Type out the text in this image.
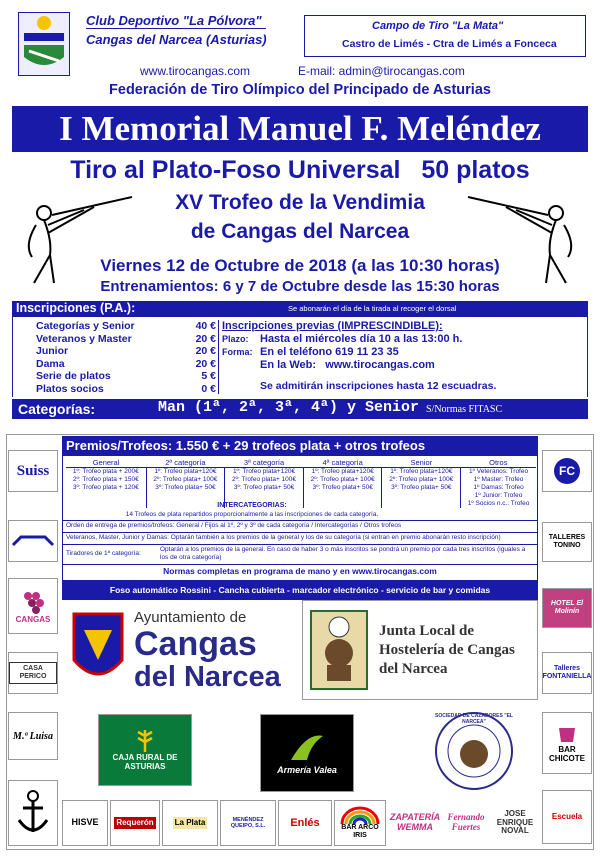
Club Deportivo "La Pólvora"
Cangas del Narcea (Asturias)
Campo de Tiro "La Mata"
Castro de Limés - Ctra de Limés a Fonceca
www.tirocangas.com	E-mail: admin@tirocangas.com
Federación de Tiro Olímpico del Principado de Asturias
I Memorial Manuel F. Meléndez
Tiro al Plato-Foso Universal 50 platos
XV Trofeo de la Vendimia
de Cangas del Narcea
Viernes 12 de Octubre de 2018 (a las 10:30 horas)
Entrenamientos: 6 y 7 de Octubre desde las 15:30 horas
Inscripciones (P.A.):	Se abonarán el día de la tirada al recoger el dorsal
Categorías y Senior	40 €
Veteranos y Master	20 €
Junior	20 €
Dama	20 €
Serie de platos	5 €
Platos socios	0 €
Inscripciones previas (IMPRESCINDIBLE):
Plazo: Hasta el miércoles día 10 a las 13:00 h.
Forma: En el teléfono 619 11 23 35
En la Web:   www.tirocangas.com
Se admitirán inscripciones hasta 12 escuadras.
Categorías:	Man (1ª, 2ª, 3ª, 4ª) y Senior S/Normas FITASC
Premios/Trofeos: 1.550 € + 29 trofeos plata + otros trofeos
General	2ª categoría	3ª categoría	4ª categoría	Senior	Otros
1º: Trofeo plata + 200€	1º: Trofeo plata+120€	1º: Trofeo plata+120€	1º: Trofeo plata+120€	1º: Trofeo plata+120€	1º Veteranos: Trofeo
2º: Trofeo plata + 150€	2º: Trofeo plata+ 100€	2º: Trofeo plata+ 100€	2º: Trofeo plata+ 100€	2º: Trofeo plata+ 100€	1º Master: Trofeo
3º: Trofeo plata + 120€	3º: Trofeo plata+ 50€	3º: Trofeo plata+ 50€	3º: Trofeo plata+ 50€	3º: Trofeo plata+ 50€	1º Damas: Trofeo
					1º Junior: Trofeo
					1º Socios n.c.: Trofeo
INTERCATEGORIAS:
14 Trofeos de plata repartidos proporcionalmente a las inscripciones de cada categoría.
Orden de entrega de premios/trofeos: General / Fijos al 1º, 2º y 3º de cada categoría / Intercategorías / Otros trofeos
Veteranos, Master, Junior y Damas: Optarán también a los premios de la general y los de su categoría (si entran en premio abonarán resto inscripción)
Tiradores de 1ª categoría:
Optarán a los premios de la general. En caso de haber 3 o más inscritos se pondrá un premio por cada tres inscritos (iguales a los de otra categoría)
Normas completas en programa de mano y en www.tirocangas.com
Foso automático Rossini - Cancha cubierta - marcador electrónico - servicio de bar y comidas
Suiss
CANGAS
CASA PERICO
M.ª Luisa
FC
TALLERES TONINO
HOTEL El Molinín
Talleres FONTANIELLA
BAR CHICOTE
Escuela
Ayuntamiento de
Cangas
del Narcea
Junta Local de Hostelería de Cangas del Narcea
CAJA RURAL DE ASTURIAS	Armería Valea
SOCIEDAD DE CAZADORES "EL NARCEA"
HISVE Requerón	La Plata	MENÉNDEZ QUEIPO, S.L.	Enlés	BAR ARCO IRIS
ZAPATERÍA WEMMA
Fernando Fuertes
JOSE ENRIQUE NOVAL
